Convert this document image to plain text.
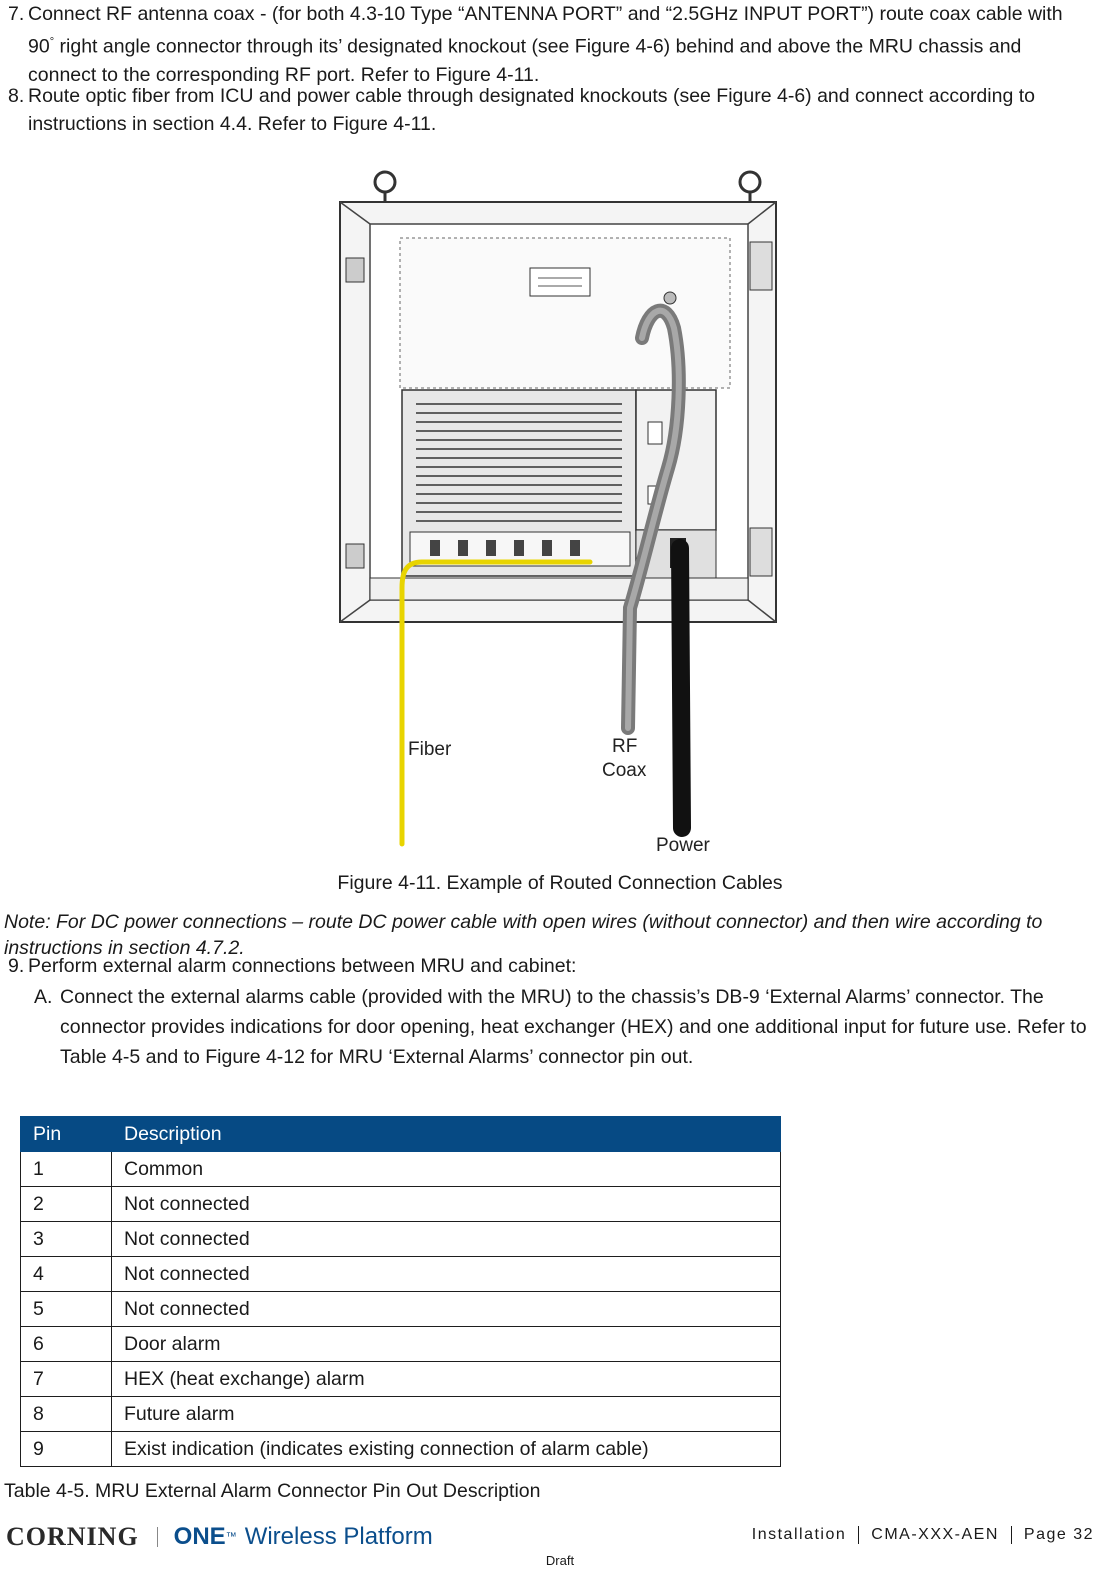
7. Connect RF antenna coax - (for both 4.3-10 Type “ANTENNA PORT” and “2.5GHz INPUT PORT”) route coax cable with
90° right angle connector through its’ designated knockout (see Figure 4-6) behind and above the MRU chassis and
connect to the corresponding RF port. Refer to Figure 4-11.
8. Route optic fiber from ICU and power cable through designated knockouts (see Figure 4-6) and connect according to instructions in section 4.4. Refer to Figure 4-11.
Fiber	RF
Coax
Power
Figure 4-11. Example of Routed Connection Cables
Note: For DC power connections – route DC power cable with open wires (without connector) and then wire according to instructions in section 4.7.2.
9. Perform external alarm connections between MRU and cabinet:
A. Connect the external alarms cable (provided with the MRU) to the chassis’s DB-9 ‘External Alarms’ connector. The connector provides indications for door opening, heat exchanger (HEX) and one additional input for future use. Refer to Table 4-5 and to Figure 4-12 for MRU ‘External Alarms’ connector pin out.
Pin	Description
1	Common
2	Not connected
3	Not connected
4	Not connected
5	Not connected
6	Door alarm
7	HEX (heat exchange) alarm
8	Future alarm
9	Exist indication (indicates existing connection of alarm cable)
Table 4-5. MRU External Alarm Connector Pin Out Description
CORNING ONE ™ Wireless Platform	Installation	CMA-XXX-AEN	Page 32
Draft
